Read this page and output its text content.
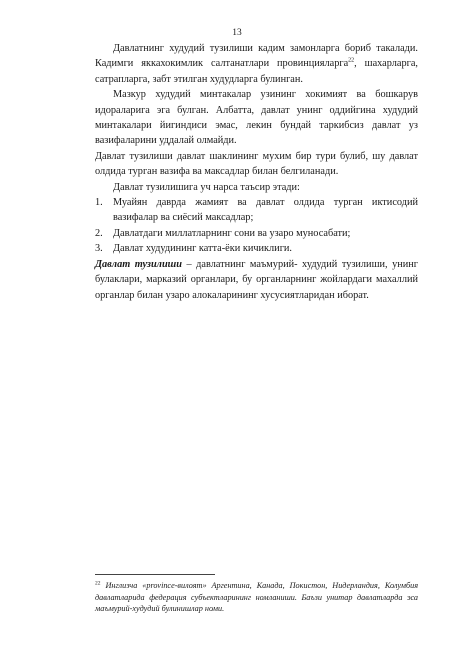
13

Давлатнинг худудий тузилиши кадим замонларга бориб такалади. Кадимги яккахокимлик салтанатлари провинцияларга$^{22}$, шахарларга, сатрапларга, забт этилган худудларга булинган.

Мазкур худудий минтакалар узининг хокимият ва бошкарув идораларига эга булган. Албатта, давлат унинг оддийгина худудий минтакалари йигиндиси эмас, лекин бундай таркибсиз давлат уз вазифаларини уддалай олмайди.

Давлат тузилиши давлат шаклининг мухим бир тури булиб, шу давлат олдида турган вазифа ва максадлар билан белгиланади.

Давлат тузилишига уч нарса таъсир этади:

1. Муайян даврда жамият ва давлат олдида турган иктисодий вазифалар ва сиёсий максадлар;
2. Давлатдаги миллатларнинг сони ва узаро муносабати;
3. Давлат худудининг катта-ёки кичиклиги.

Давлат тузилиши – давлатнинг маъмурий- худудий тузилиши, унинг булаклари, марказий органлари, бу органларнинг жойлардаги махаллий органлар билан узаро алокаларининг хусусиятларидан иборат.

$^{22}$ Инглизча «province-вилоят» Аргентина, Канада, Покистон, Нидерландия, Колумбия давлатларида федерация субъектларининг номланиши. Баъзи унитар давлатларда эса маъмурий-худудий булинишлар номи.
